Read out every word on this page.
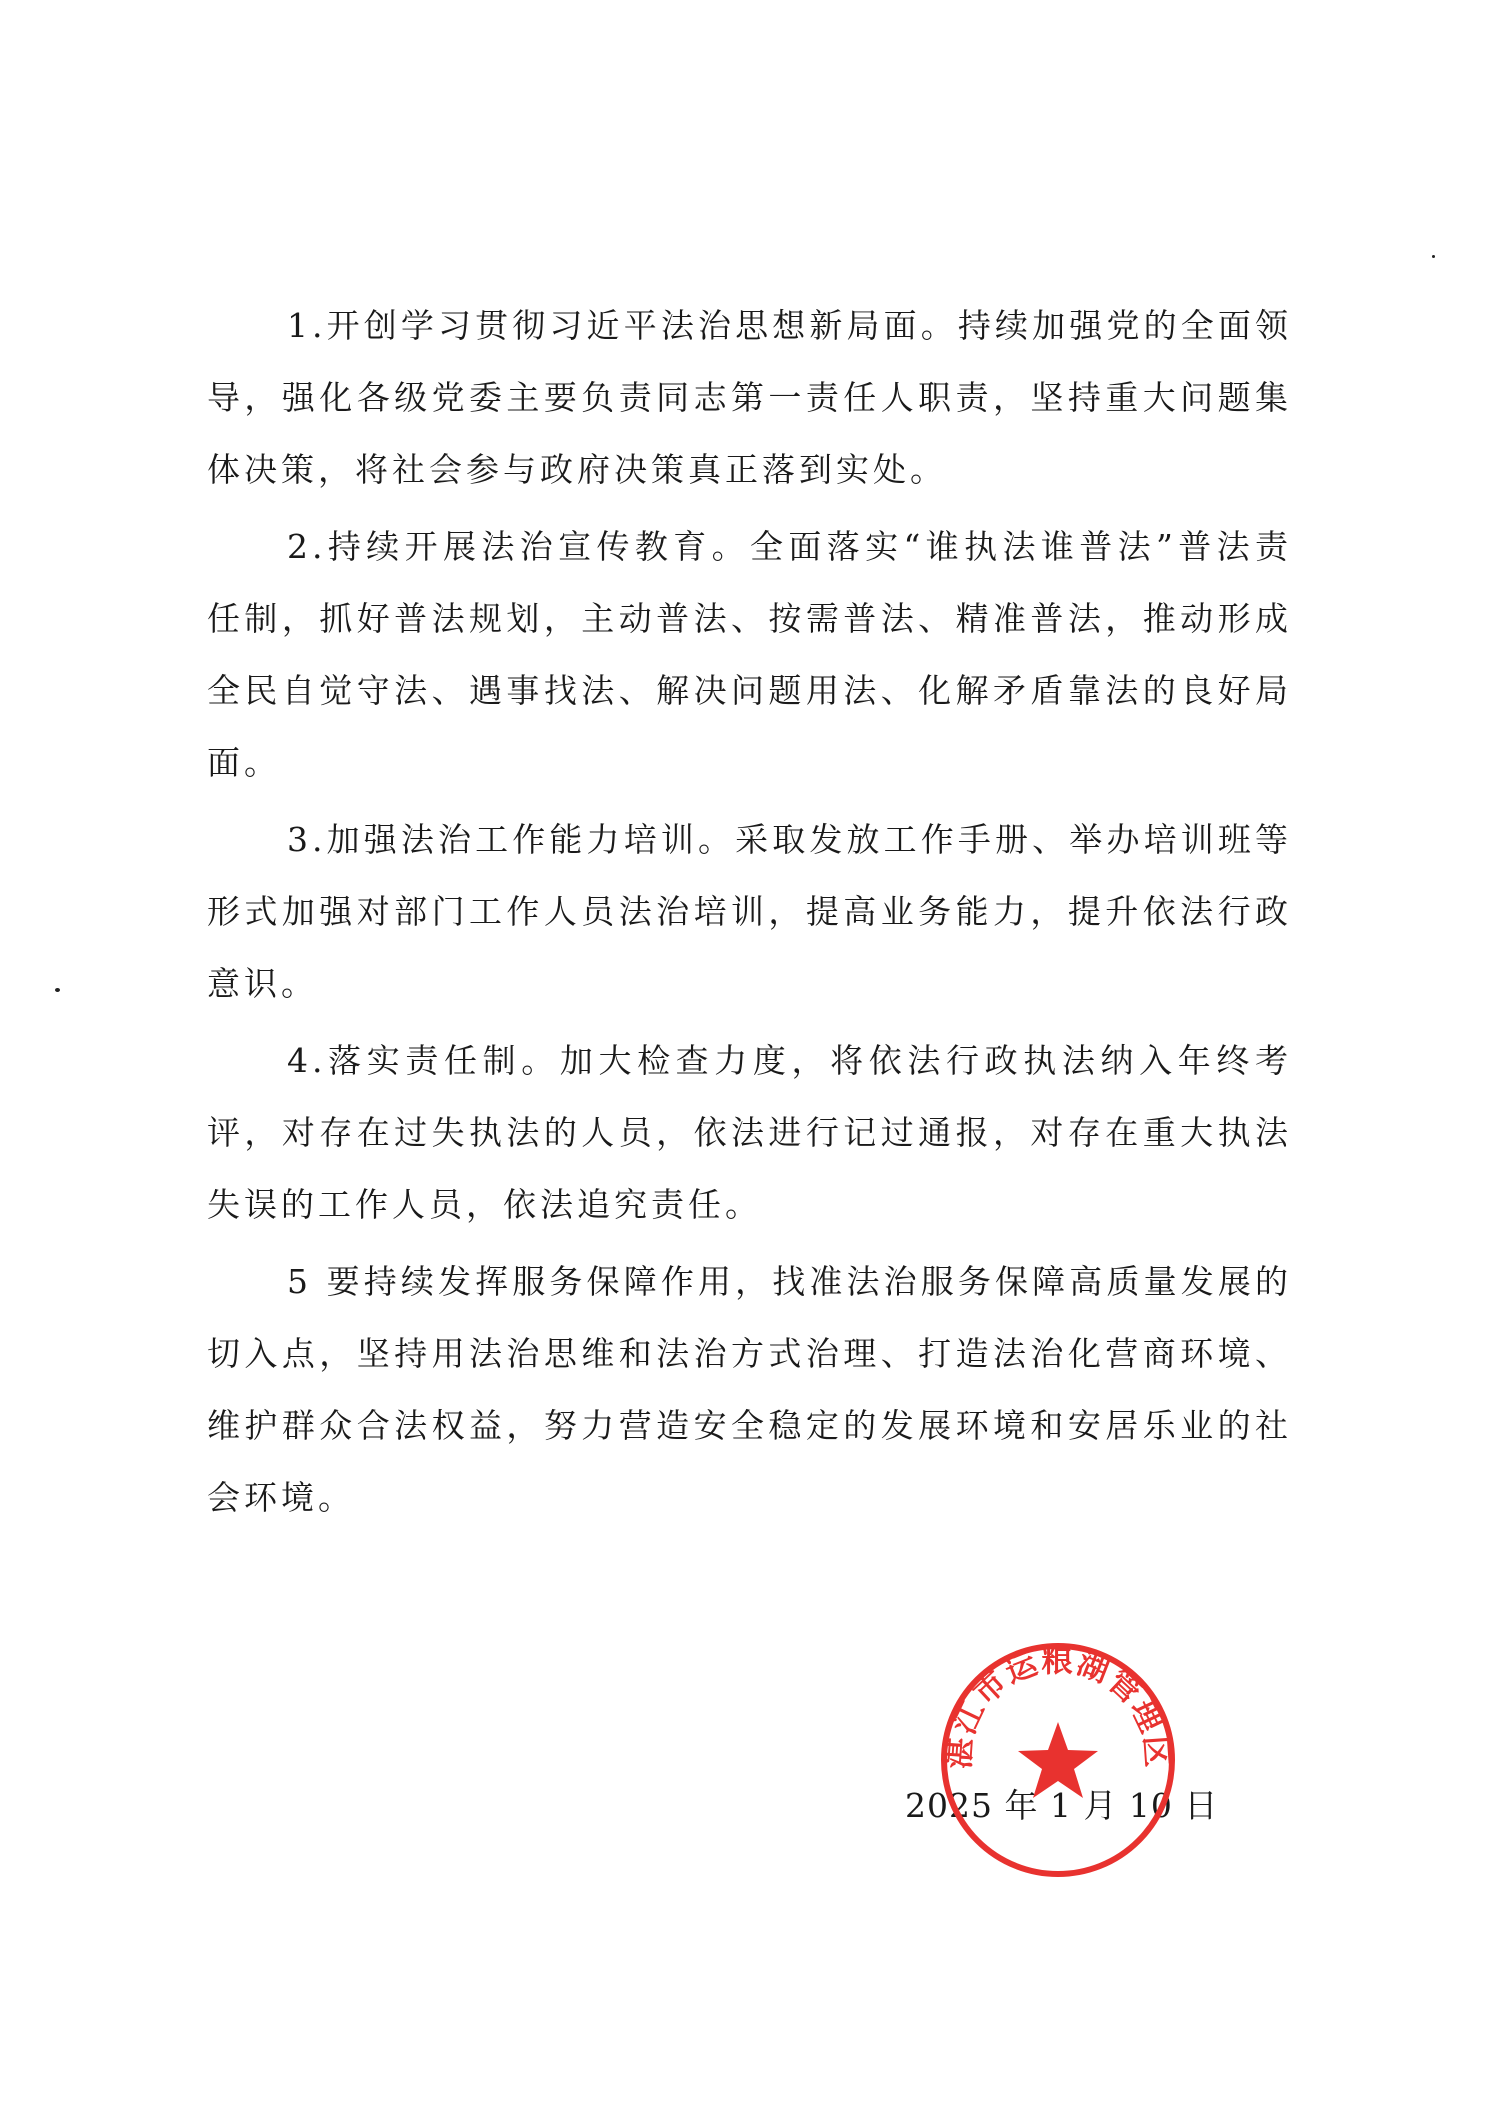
1.开创学习贯彻习近平法治思想新局面。持续加强党的全面领导，强化各级党委主要负责同志第一责任人职责，坚持重大问题集体决策，将社会参与政府决策真正落到实处。

2.持续开展法治宣传教育。全面落实“谁执法谁普法”普法责任制，抓好普法规划，主动普法、按需普法、精准普法，推动形成全民自觉守法、遇事找法、解决问题用法、化解矛盾靠法的良好局面。

3.加强法治工作能力培训。采取发放工作手册、举办培训班等形式加强对部门工作人员法治培训，提高业务能力，提升依法行政意识。

4.落实责任制。加大检查力度，将依法行政执法纳入年终考评，对存在过失执法的人员，依法进行记过通报，对存在重大执法失误的工作人员，依法追究责任。

5 要持续发挥服务保障作用，找准法治服务保障高质量发展的切入点，坚持用法治思维和法治方式治理、打造法治化营商环境、维护群众合法权益，努力营造安全稳定的发展环境和安居乐业的社会环境。

2025 年 1 月 10 日
湛江市运粮湖管理区
